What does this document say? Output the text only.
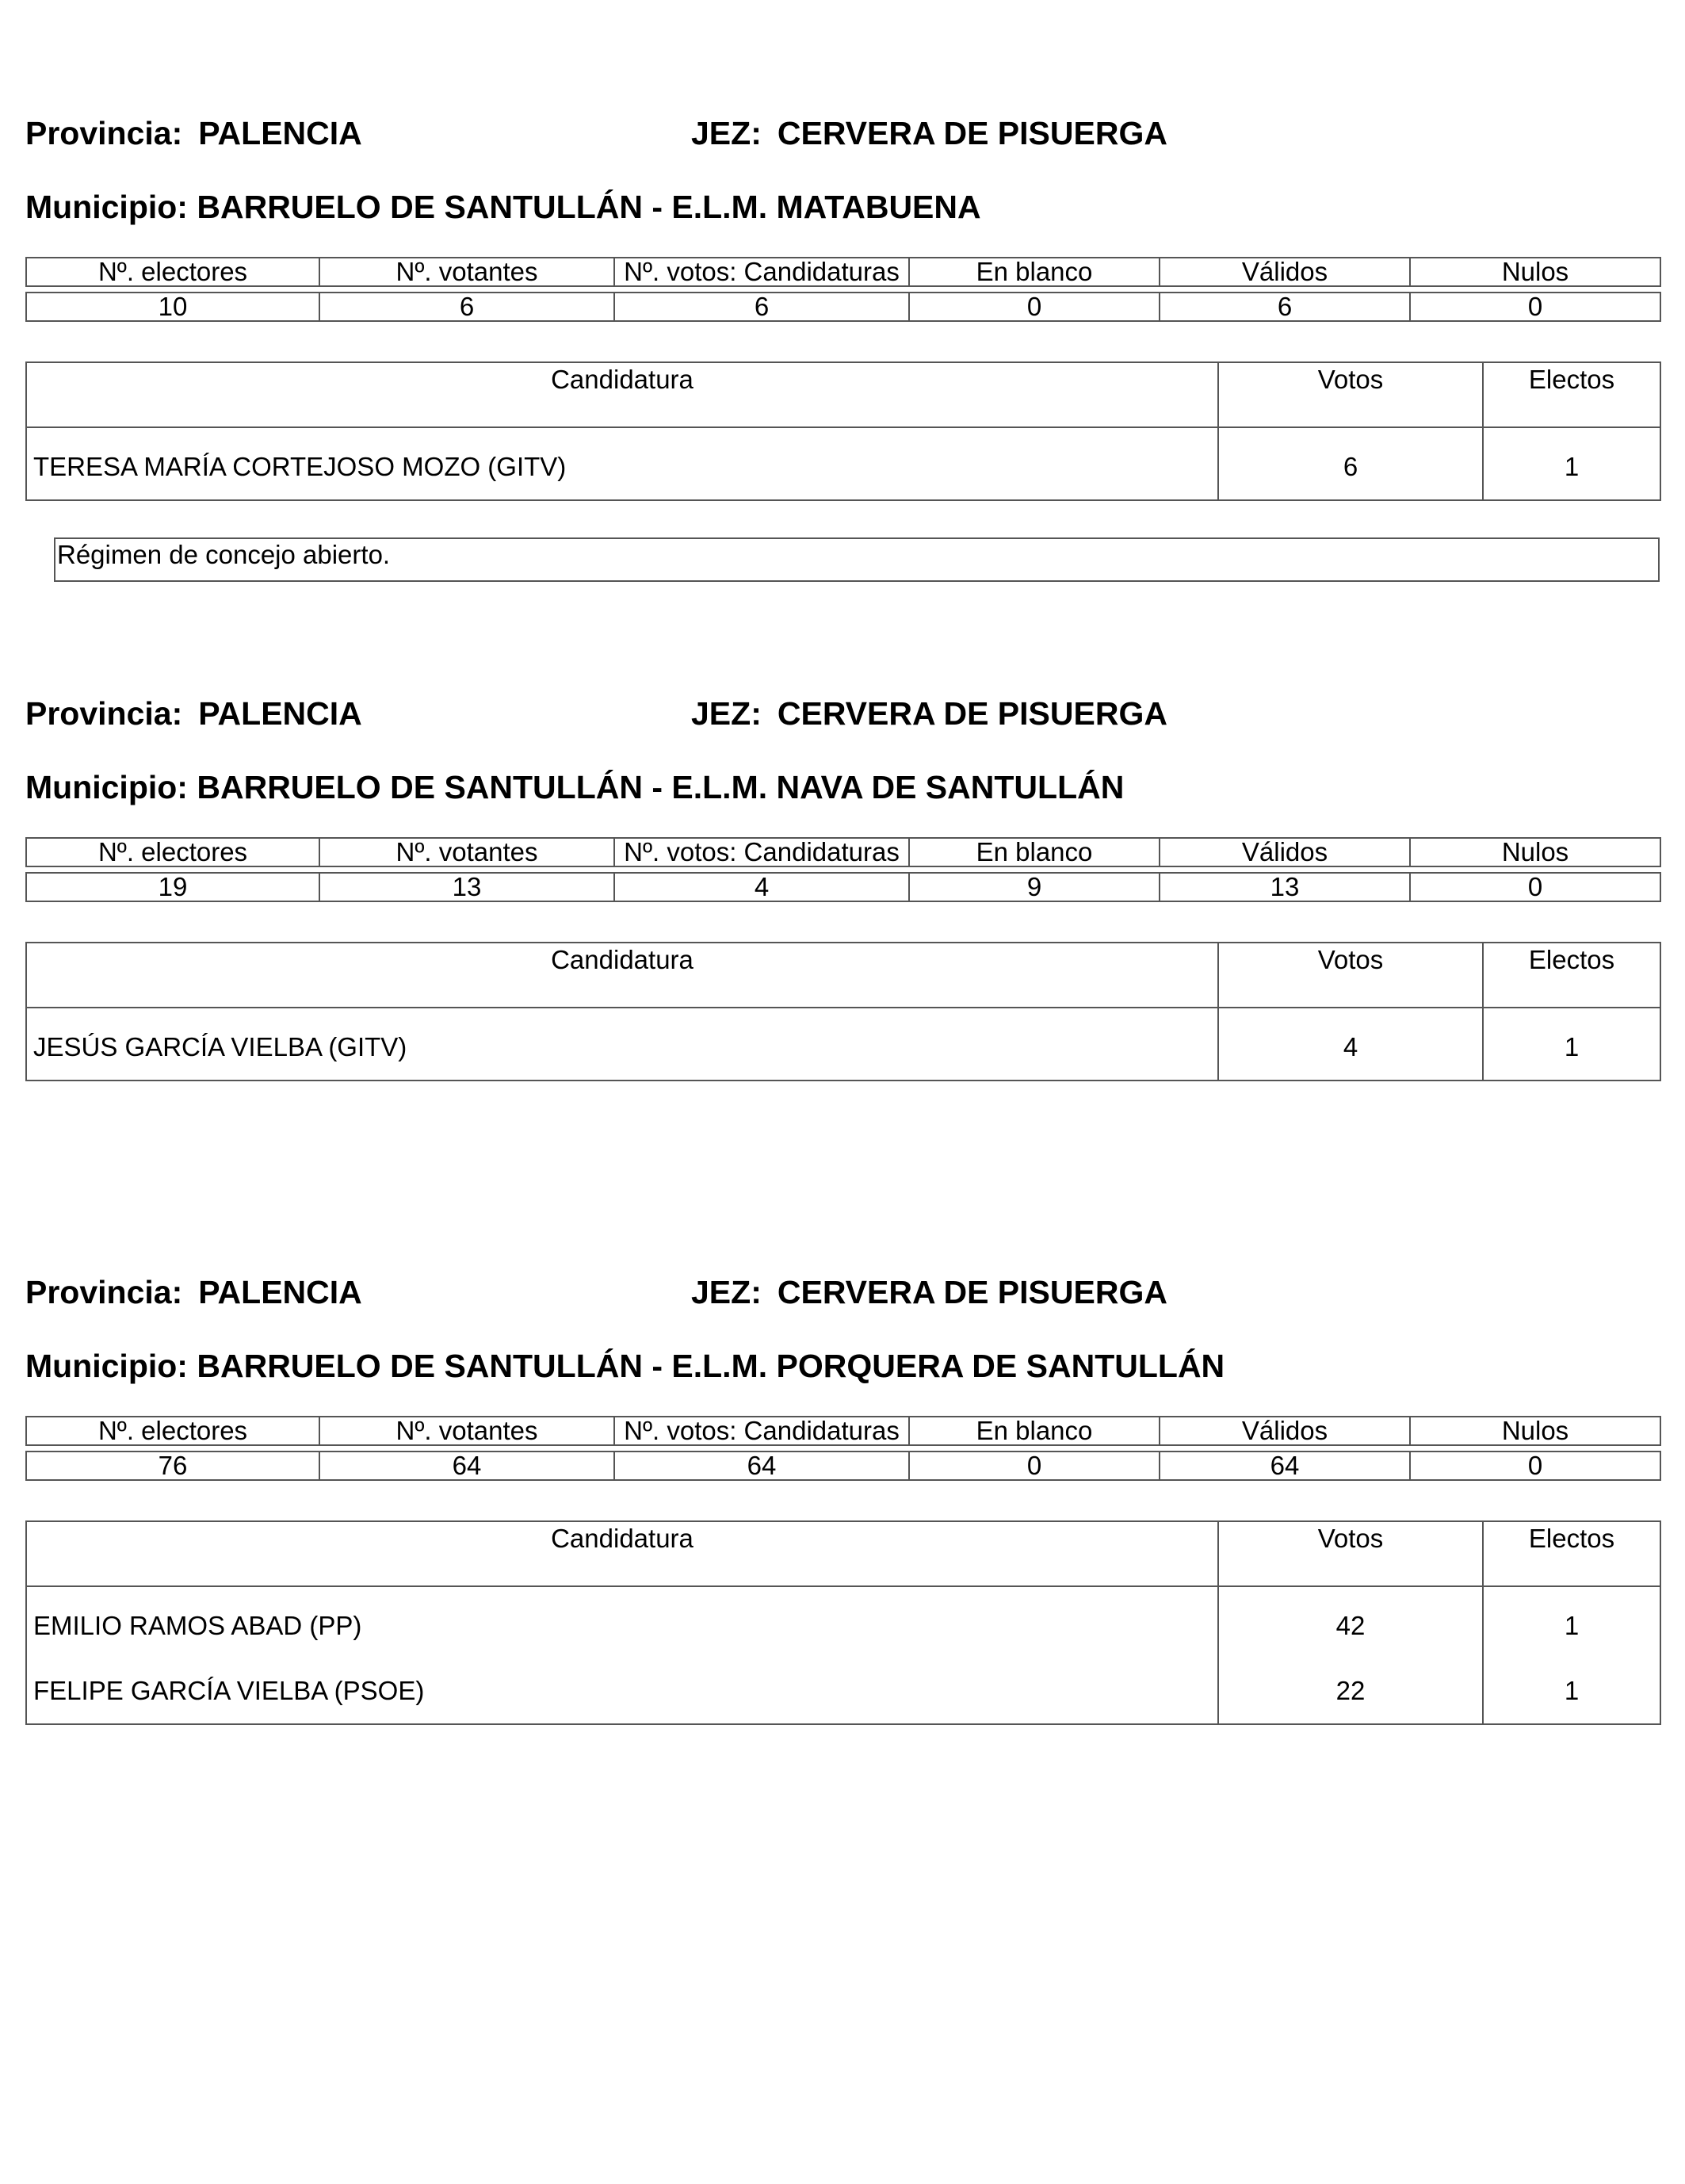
Provincia: PALENCIA	JEZ: CERVERA DE PISUERGA
Municipio: BARRUELO DE SANTULLÁN - E.L.M. MATABUENA
Nº. electores	Nº. votantes	Nº. votos: Candidaturas	En blanco	Válidos	Nulos

10	6	6	0	6	0
Candidatura	Votos	Electos
TERESA MARÍA CORTEJOSO MOZO (GITV)	6	1
Régimen de concejo abierto.
Provincia: PALENCIA	JEZ: CERVERA DE PISUERGA
Municipio: BARRUELO DE SANTULLÁN - E.L.M. NAVA DE SANTULLÁN
Nº. electores	Nº. votantes	Nº. votos: Candidaturas	En blanco	Válidos	Nulos

19	13	4	9	13	0
Candidatura	Votos	Electos
JESÚS GARCÍA VIELBA (GITV)	4	1
Provincia: PALENCIA	JEZ: CERVERA DE PISUERGA
Municipio: BARRUELO DE SANTULLÁN - E.L.M. PORQUERA DE SANTULLÁN
Nº. electores	Nº. votantes	Nº. votos: Candidaturas	En blanco	Válidos	Nulos

76	64	64	0	64	0
Candidatura	Votos	Electos
EMILIO RAMOS ABAD (PP)	42	1
FELIPE GARCÍA VIELBA (PSOE)	22	1
